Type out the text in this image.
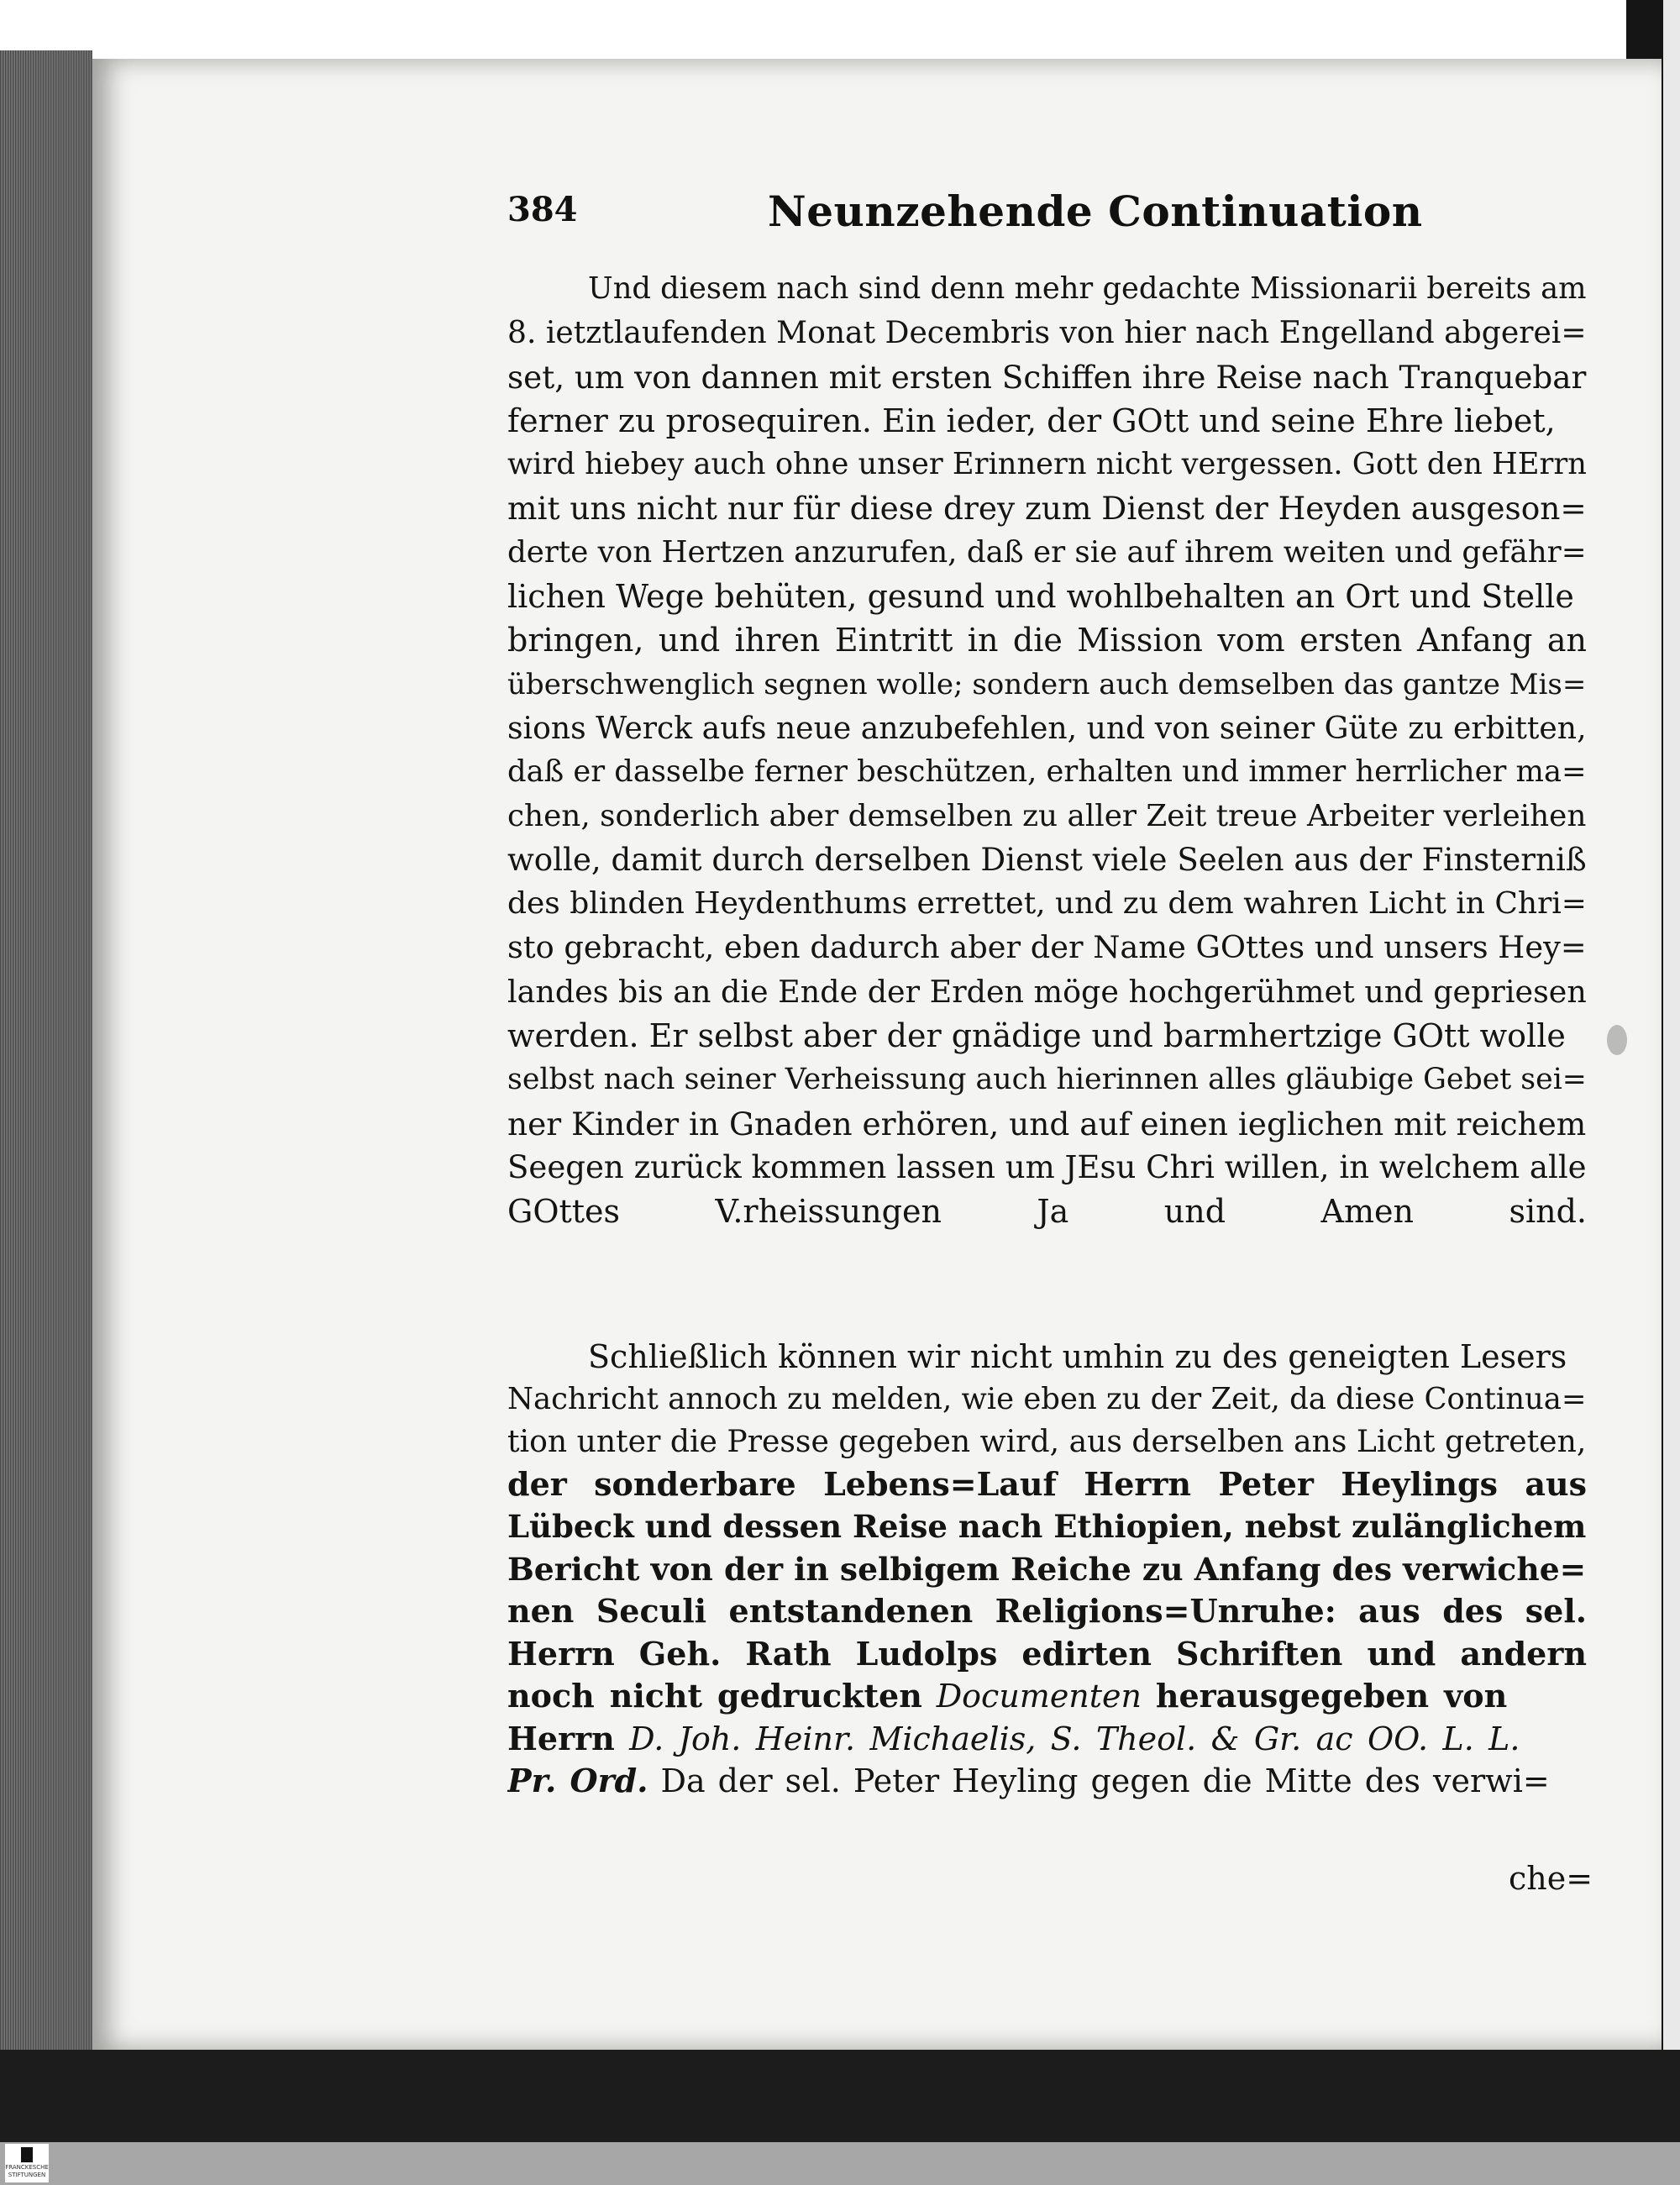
384	Neunzehende Continuation
Und diesem nach sind denn mehr gedachte Missionarii bereits am
8. ietztlaufenden Monat Decembris von hier nach Engelland abgerei=
set, um von dannen mit ersten Schiffen ihre Reise nach Tranquebar
ferner zu prosequiren. Ein ieder, der GOtt und seine Ehre liebet,
wird hiebey auch ohne unser Erinnern nicht vergessen. Gott den HErrn
mit uns nicht nur für diese drey zum Dienst der Heyden ausgeson=
derte von Hertzen anzurufen, daß er sie auf ihrem weiten und gefähr=
lichen Wege behüten, gesund und wohlbehalten an Ort und Stelle
bringen, und ihren Eintritt in die Mission vom ersten Anfang an
überschwenglich segnen wolle; sondern auch demselben das gantze Mis=
sions Werck aufs neue anzubefehlen, und von seiner Güte zu erbitten,
daß er dasselbe ferner beschützen, erhalten und immer herrlicher ma=
chen, sonderlich aber demselben zu aller Zeit treue Arbeiter verleihen
wolle, damit durch derselben Dienst viele Seelen aus der Finsterniß
des blinden Heydenthums errettet, und zu dem wahren Licht in Chri=
sto gebracht, eben dadurch aber der Name GOttes und unsers Hey=
landes bis an die Ende der Erden möge hochgerühmet und gepriesen
werden. Er selbst aber der gnädige und barmhertzige GOtt wolle
selbst nach seiner Verheissung auch hierinnen alles gläubige Gebet sei=
ner Kinder in Gnaden erhören, und auf einen ieglichen mit reichem
Seegen zurück kommen lassen um JEsu Chri willen, in welchem alle
GOttes V.rheissungen Ja und Amen sind.
Schließlich können wir nicht umhin zu des geneigten Lesers
Nachricht annoch zu melden, wie eben zu der Zeit, da diese Continua=
tion unter die Presse gegeben wird, aus derselben ans Licht getreten,
der sonderbare Lebens=Lauf Herrn Peter Heylings aus
Lübeck und dessen Reise nach Ethiopien, nebst zulänglichem
Bericht von der in selbigem Reiche zu Anfang des verwiche=
nen Seculi entstandenen Religions=Unruhe: aus des sel.
Herrn Geh. Rath Ludolps edirten Schriften und andern
noch nicht gedruckten Documenten herausgegeben von
Herrn D. Joh. Heinr. Michaelis, S. Theol. & Gr. ac OO. L. L.
Pr. Ord. Da der sel. Peter Heyling gegen die Mitte des verwi=
che=
FRANCKESCHE STIFTUNGEN
